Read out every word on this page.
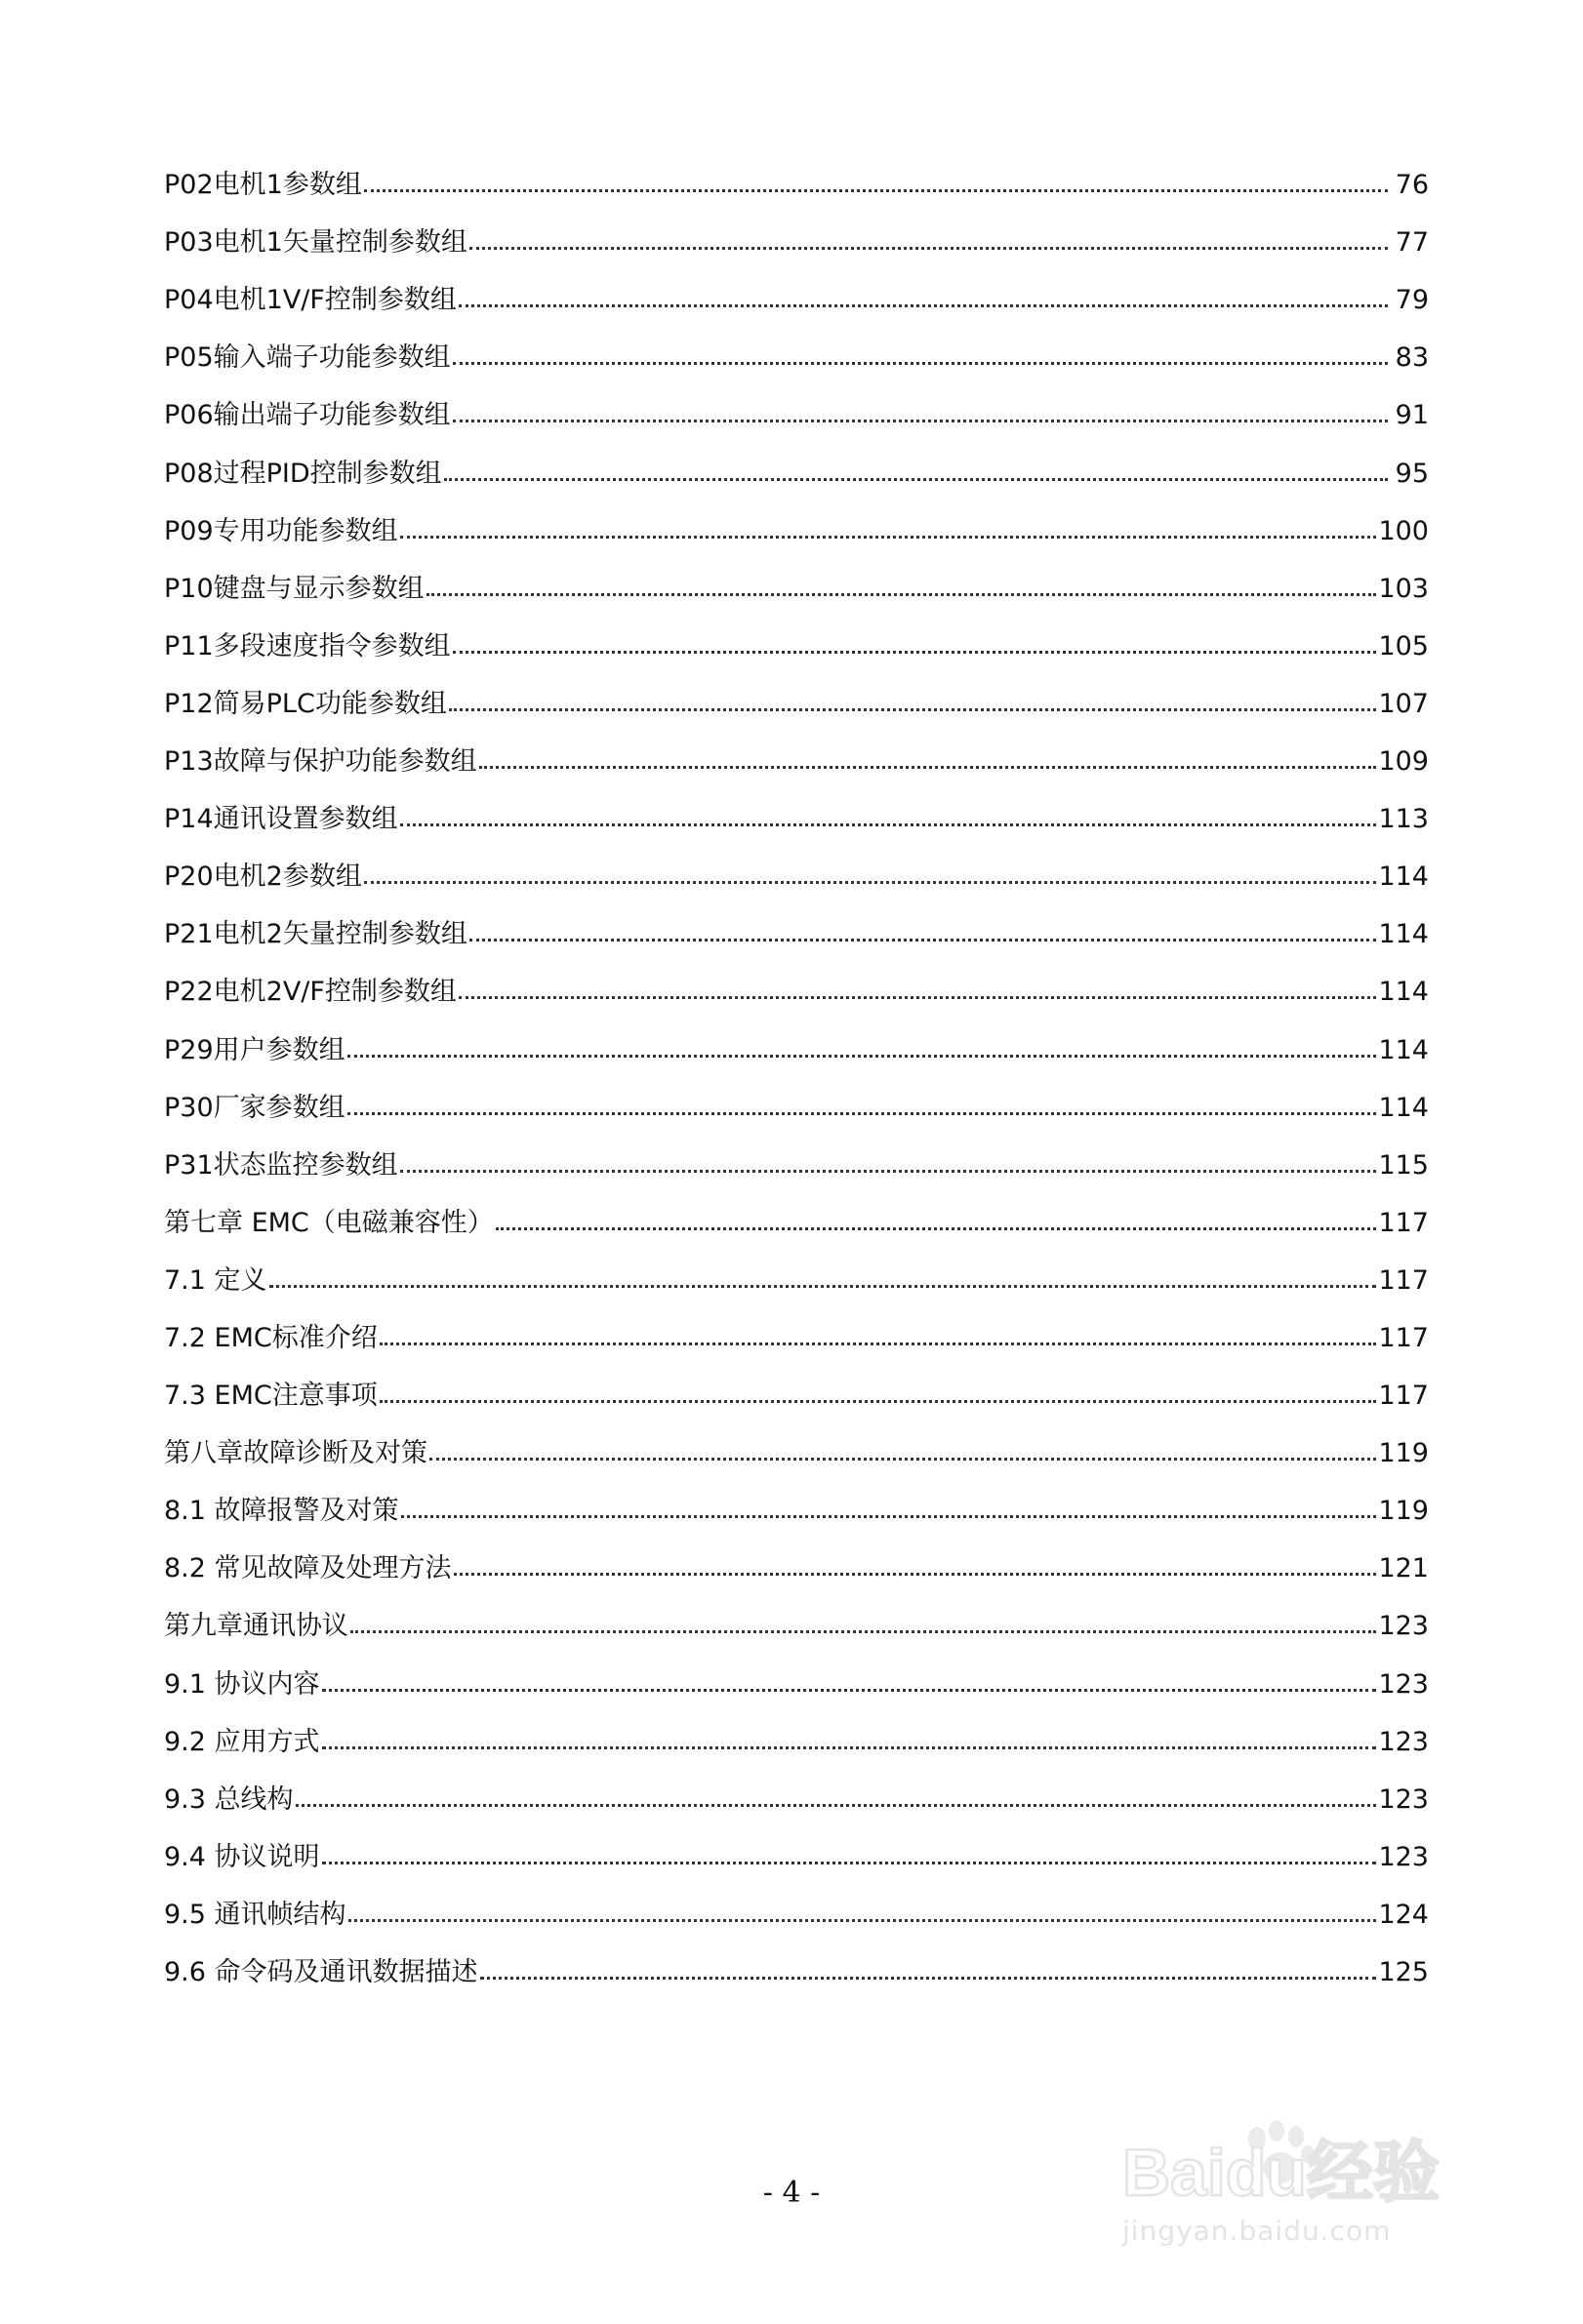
P02电机1参数组	76
P03电机1矢量控制参数组	77
P04电机1V/F控制参数组	79
P05输入端子功能参数组	83
P06输出端子功能参数组	91
P08过程PID控制参数组	95
P09专用功能参数组	100
P10键盘与显示参数组	103
P11多段速度指令参数组	105
P12简易PLC功能参数组	107
P13故障与保护功能参数组	109
P14通讯设置参数组	113
P20电机2参数组	114
P21电机2矢量控制参数组	114
P22电机2V/F控制参数组	114
P29用户参数组	114
P30厂家参数组	114
P31状态监控参数组	115
第七章 EMC（电磁兼容性）	117
7.1 定义	117
7.2 EMC标准介绍	117
7.3 EMC注意事项	117
第八章故障诊断及对策	119
8.1 故障报警及对策	119
8.2 常见故障及处理方法	121
第九章通讯协议	123
9.1 协议内容	123
9.2 应用方式	123
9.3 总线构	123
9.4 协议说明	123
9.5 通讯帧结构	124
9.6 命令码及通讯数据描述	125
- 4 -	Baidu经验
jingyan.baidu.com
